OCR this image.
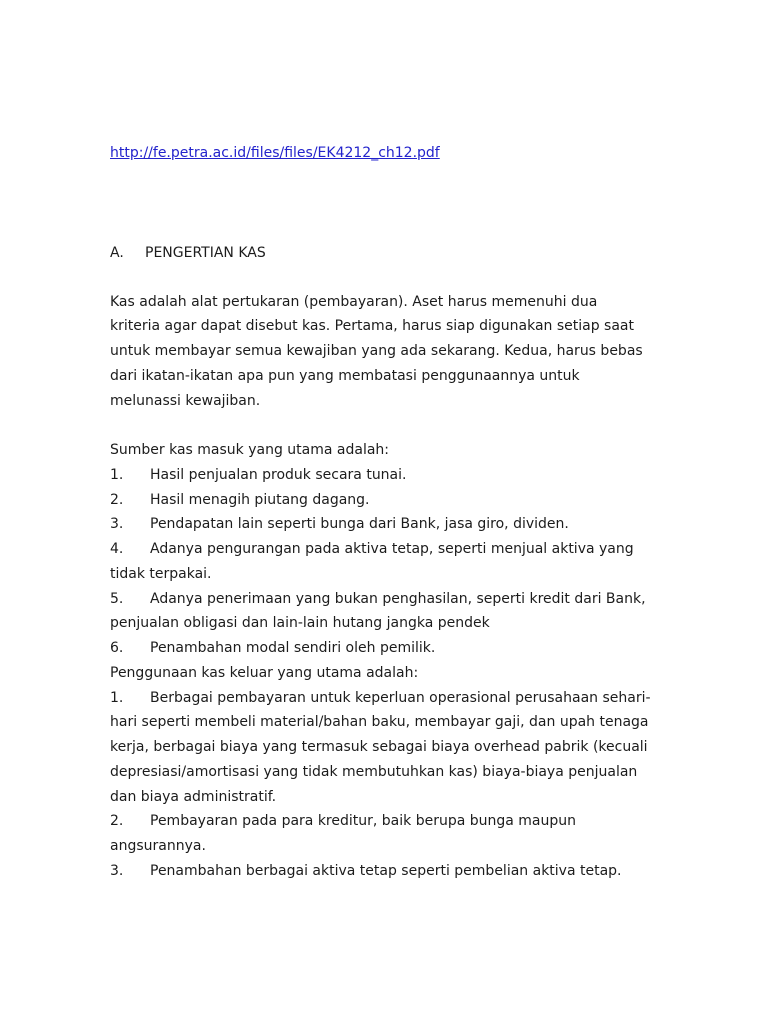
http://fe.petra.ac.id/files/files/EK4212_ch12.pdf
A. PENGERTIAN KAS
Kas adalah alat pertukaran (pembayaran). Aset harus memenuhi dua
kriteria agar dapat disebut kas. Pertama, harus siap digunakan setiap saat
untuk membayar semua kewajiban yang ada sekarang. Kedua, harus bebas
dari ikatan-ikatan apa pun yang membatasi penggunaannya untuk
melunassi kewajiban.
Sumber kas masuk yang utama adalah:
1. Hasil penjualan produk secara tunai.
2. Hasil menagih piutang dagang.
3. Pendapatan lain seperti bunga dari Bank, jasa giro, dividen.
4. Adanya pengurangan pada aktiva tetap, seperti menjual aktiva yang
tidak terpakai.
5. Adanya penerimaan yang bukan penghasilan, seperti kredit dari Bank,
penjualan obligasi dan lain-lain hutang jangka pendek
6. Penambahan modal sendiri oleh pemilik.
Penggunaan kas keluar yang utama adalah:
1. Berbagai pembayaran untuk keperluan operasional perusahaan sehari-
hari seperti membeli material/bahan baku, membayar gaji, dan upah tenaga
kerja, berbagai biaya yang termasuk sebagai biaya overhead pabrik (kecuali
depresiasi/amortisasi yang tidak membutuhkan kas) biaya-biaya penjualan
dan biaya administratif.
2. Pembayaran pada para kreditur, baik berupa bunga maupun
angsurannya.
3. Penambahan berbagai aktiva tetap seperti pembelian aktiva tetap.
